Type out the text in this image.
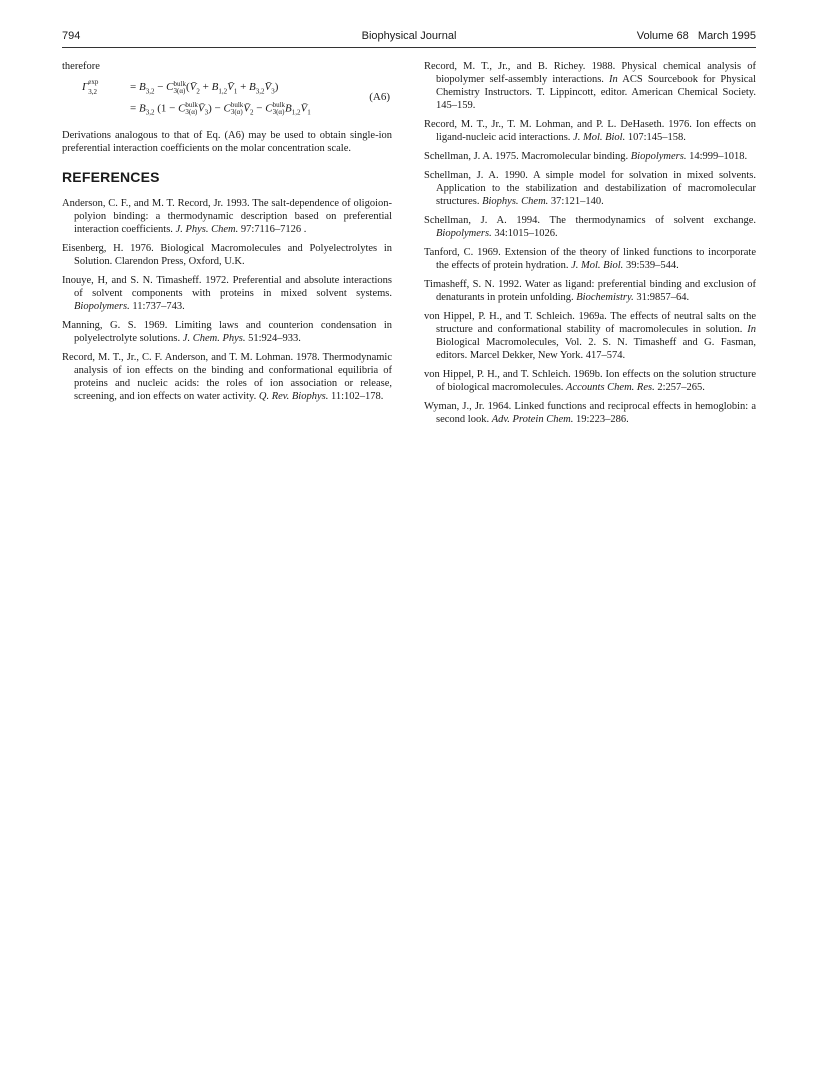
794	Biophysical Journal	Volume 68 March 1995

therefore

$\Gamma^{exp}$
3,2	= $B_{3,2}$ − Cbulk
$3(\alpha)(V̄_2$ + $B_{1,2}V̄_1$ + $B_{3,2}V̄_3$)
= $B_{3,2}$ (1 − Cbulk
$3(\alpha)V̄_3$) − Cbulk
$3(\alpha)V̄_2$ − Cbulk
$3(\alpha)B_{1,2}V̄_1$
(A6)

Derivations analogous to that of Eq. (A6) may be used to obtain single-ion preferential interaction coefficients on the molar concentration scale.

REFERENCES

Anderson, C. F., and M. T. Record, Jr. 1993. The salt-dependence of oligoion-polyion binding: a thermodynamic description based on preferential interaction coefficients. J. Phys. Chem. 97:7116–7126 .

Eisenberg, H. 1976. Biological Macromolecules and Polyelectrolytes in Solution. Clarendon Press, Oxford, U.K.

Inouye, H, and S. N. Timasheff. 1972. Preferential and absolute interactions of solvent components with proteins in mixed solvent systems. Biopolymers. 11:737–743.

Manning, G. S. 1969. Limiting laws and counterion condensation in polyelectrolyte solutions. J. Chem. Phys. 51:924–933.

Record, M. T., Jr., C. F. Anderson, and T. M. Lohman. 1978. Thermodynamic analysis of ion effects on the binding and conformational equilibria of proteins and nucleic acids: the roles of ion association or release, screening, and ion effects on water activity. Q. Rev. Biophys. 11:102–178.

Record, M. T., Jr., and B. Richey. 1988. Physical chemical analysis of biopolymer self-assembly interactions. In ACS Sourcebook for Physical Chemistry Instructors. T. Lippincott, editor. American Chemical Society. 145–159.

Record, M. T., Jr., T. M. Lohman, and P. L. DeHaseth. 1976. Ion effects on ligand-nucleic acid interactions. J. Mol. Biol. 107:145–158.

Schellman, J. A. 1975. Macromolecular binding. Biopolymers. 14:999–1018.

Schellman, J. A. 1990. A simple model for solvation in mixed solvents. Application to the stabilization and destabilization of macromolecular structures. Biophys. Chem. 37:121–140.

Schellman, J. A. 1994. The thermodynamics of solvent exchange. Biopolymers. 34:1015–1026.

Tanford, C. 1969. Extension of the theory of linked functions to incorporate the effects of protein hydration. J. Mol. Biol. 39:539–544.

Timasheff, S. N. 1992. Water as ligand: preferential binding and exclusion of denaturants in protein unfolding. Biochemistry. 31:9857–64.

von Hippel, P. H., and T. Schleich. 1969a. The effects of neutral salts on the structure and conformational stability of macromolecules in solution. In Biological Macromolecules, Vol. 2. S. N. Timasheff and G. Fasman, editors. Marcel Dekker, New York. 417–574.

von Hippel, P. H., and T. Schleich. 1969b. Ion effects on the solution structure of biological macromolecules. Accounts Chem. Res. 2:257–265.

Wyman, J., Jr. 1964. Linked functions and reciprocal effects in hemoglobin: a second look. Adv. Protein Chem. 19:223–286.
